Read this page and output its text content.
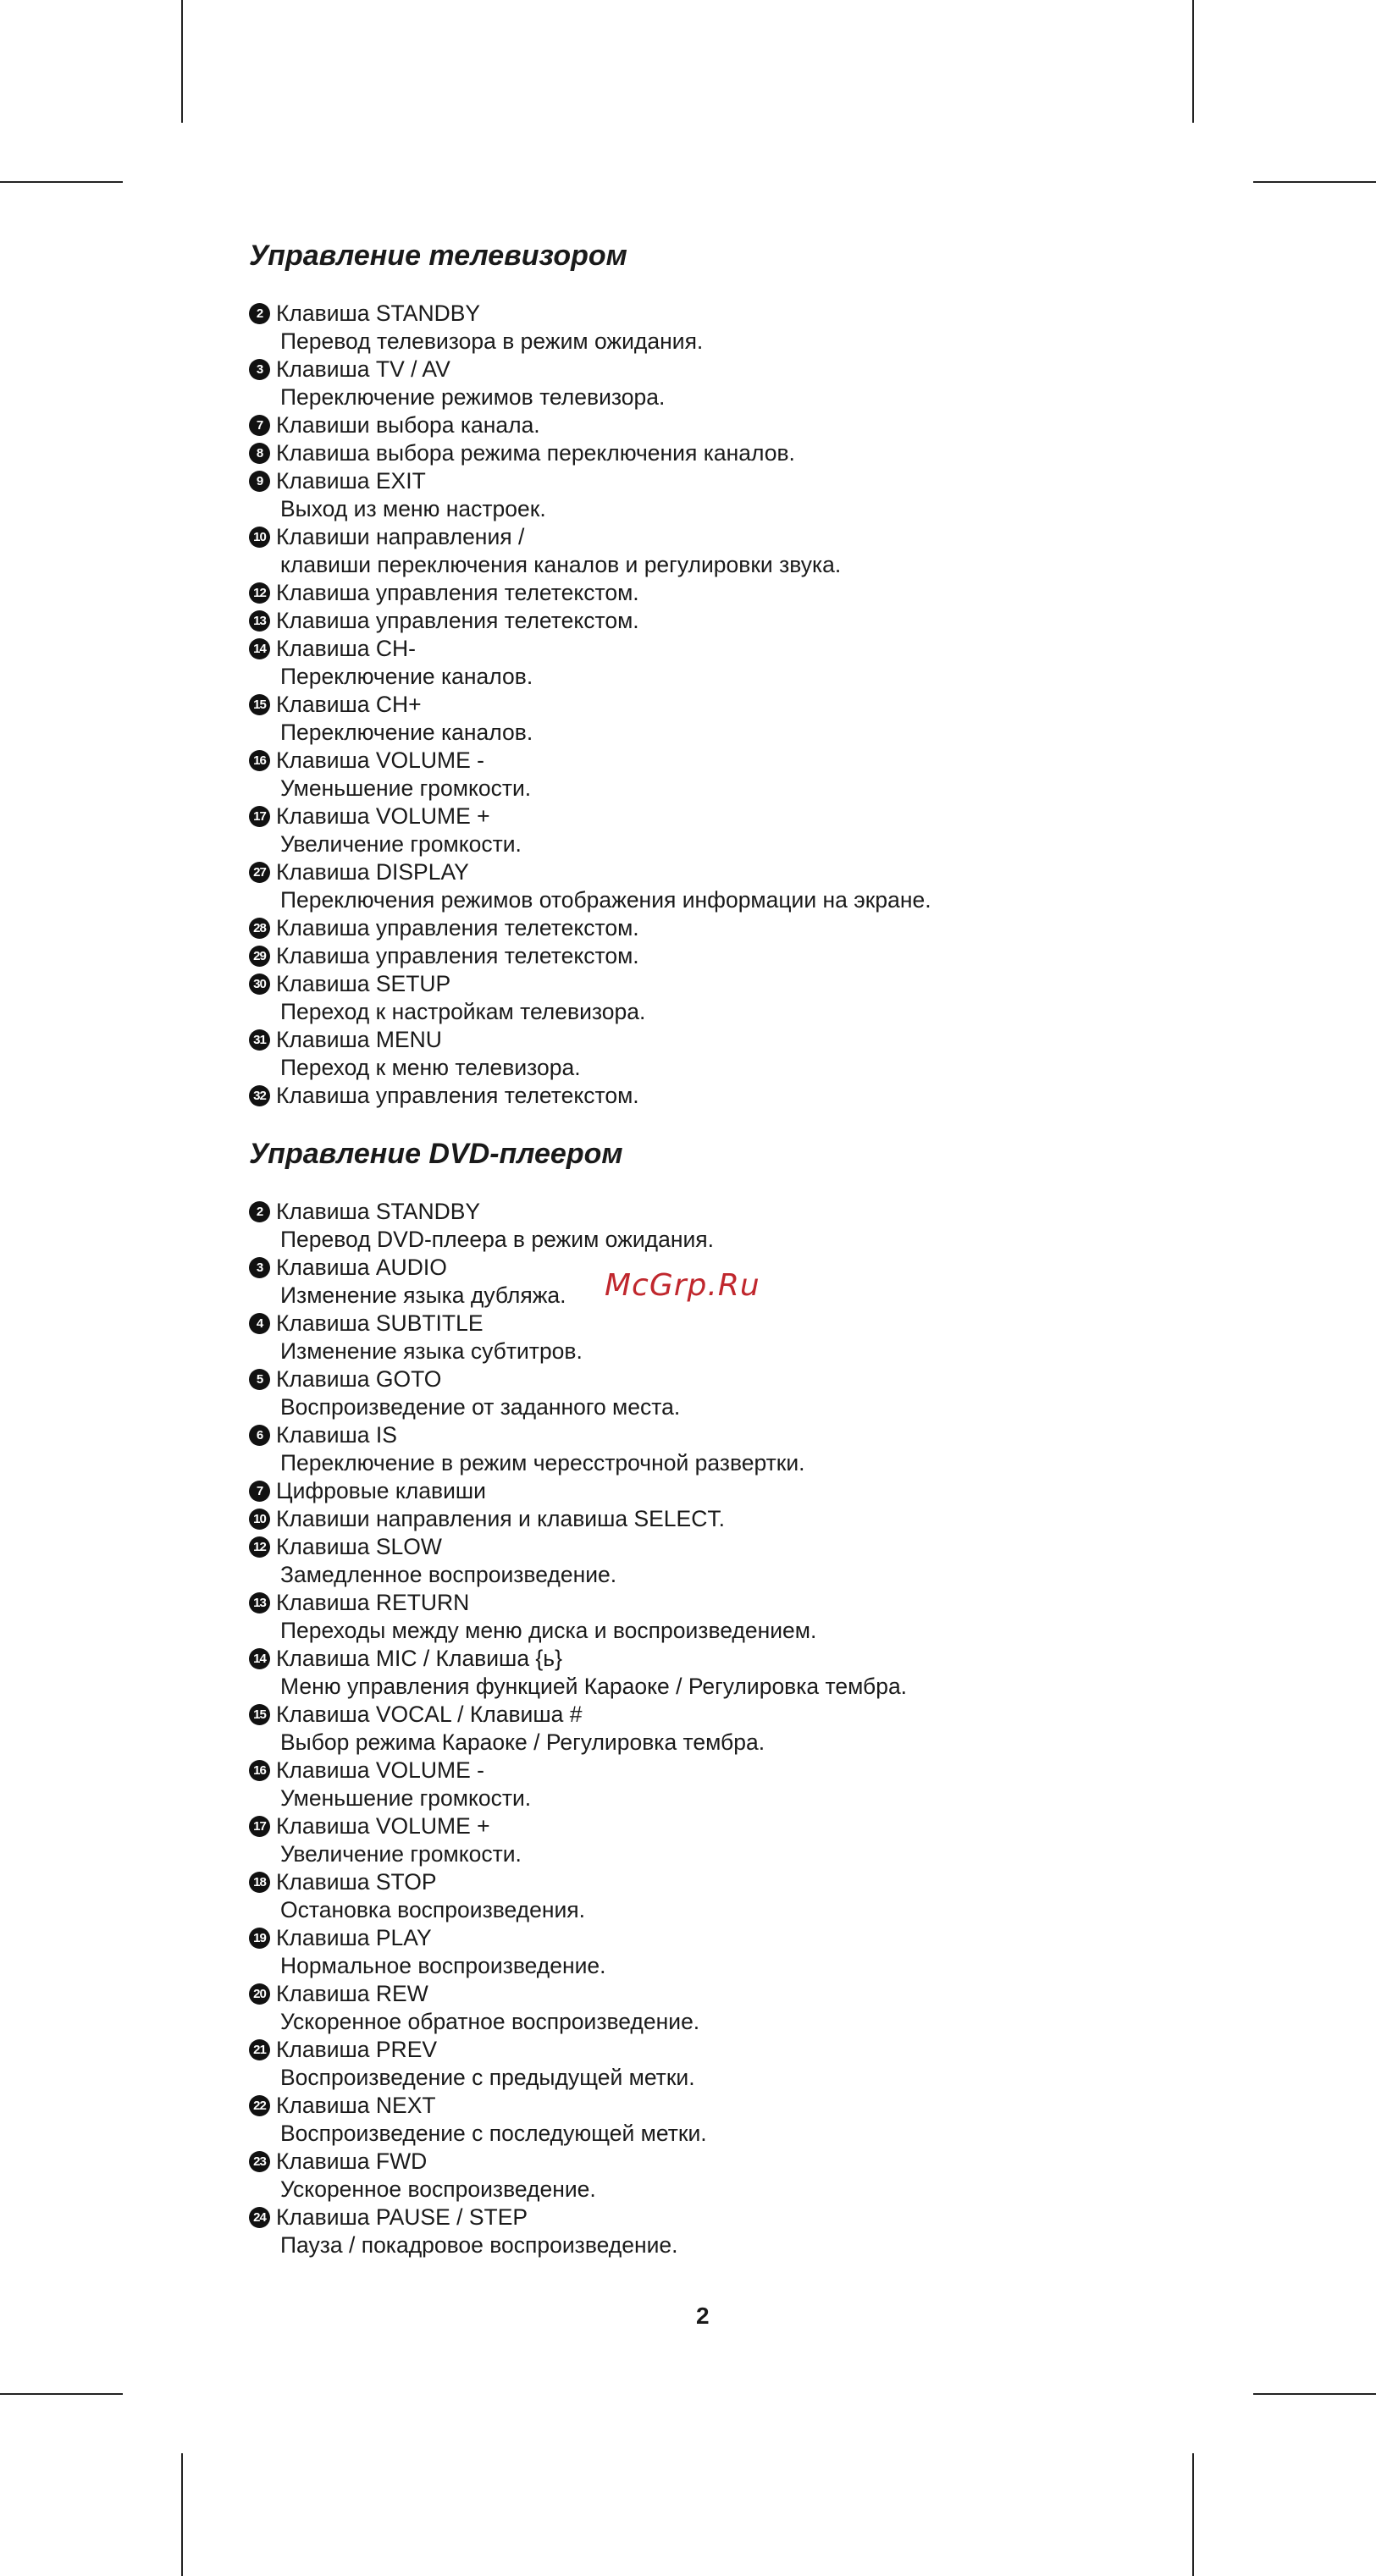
Управление телевизором
2 Клавиша STANDBY
Перевод телевизора в режим ожидания.
3 Клавиша TV / AV
Переключение режимов телевизора.
7 Клавиши выбора канала.
8 Клавиша выбора режима переключения каналов.
9 Клавиша EXIT
Выход из меню настроек.
10 Клавиши направления /
клавиши переключения каналов и регулировки звука.
12 Клавиша управления телетекстом.
13 Клавиша управления телетекстом.
14 Клавиша CH-
Переключение каналов.
15 Клавиша CH+
Переключение каналов.
16 Клавиша VOLUME -
Уменьшение громкости.
17 Клавиша VOLUME +
Увеличение громкости.
27 Клавиша DISPLAY
Переключения режимов отображения информации на экране.
28 Клавиша управления телетекстом.
29 Клавиша управления телетекстом.
30 Клавиша SETUP
Переход к настройкам телевизора.
31 Клавиша MENU
Переход к меню телевизора.
32 Клавиша управления телетекстом.
Управление DVD-плеером
2 Клавиша STANDBY
Перевод DVD-плеера в режим ожидания.
3 Клавиша AUDIO
Изменение языка дубляжа.
4 Клавиша SUBTITLE
Изменение языка субтитров.
5 Клавиша GOTO
Воспроизведение от заданного места.
6 Клавиша IS
Переключение в режим чересстрочной развертки.
7 Цифровые клавиши
10 Клавиши направления и клавиша SELECT.
12 Клавиша SLOW
Замедленное воспроизведение.
13 Клавиша RETURN
Переходы между меню диска и воспроизведением.
14 Клавиша MIC / Клавиша {ь}
Меню управления функцией Караоке / Регулировка тембра.
15 Клавиша VOCAL / Клавиша #
Выбор режима Караоке / Регулировка тембра.
16 Клавиша VOLUME -
Уменьшение громкости.
17 Клавиша VOLUME +
Увеличение громкости.
18 Клавиша STOP
Остановка воспроизведения.
19 Клавиша PLAY
Нормальное воспроизведение.
20 Клавиша REW
Ускоренное обратное воспроизведение.
21 Клавиша PREV
Воспроизведение с предыдущей метки.
22 Клавиша NEXT
Воспроизведение с последующей метки.
23 Клавиша FWD
Ускоренное воспроизведение.
24 Клавиша PAUSE / STEP
Пауза / покадровое воспроизведение.
McGrp.Ru
2
